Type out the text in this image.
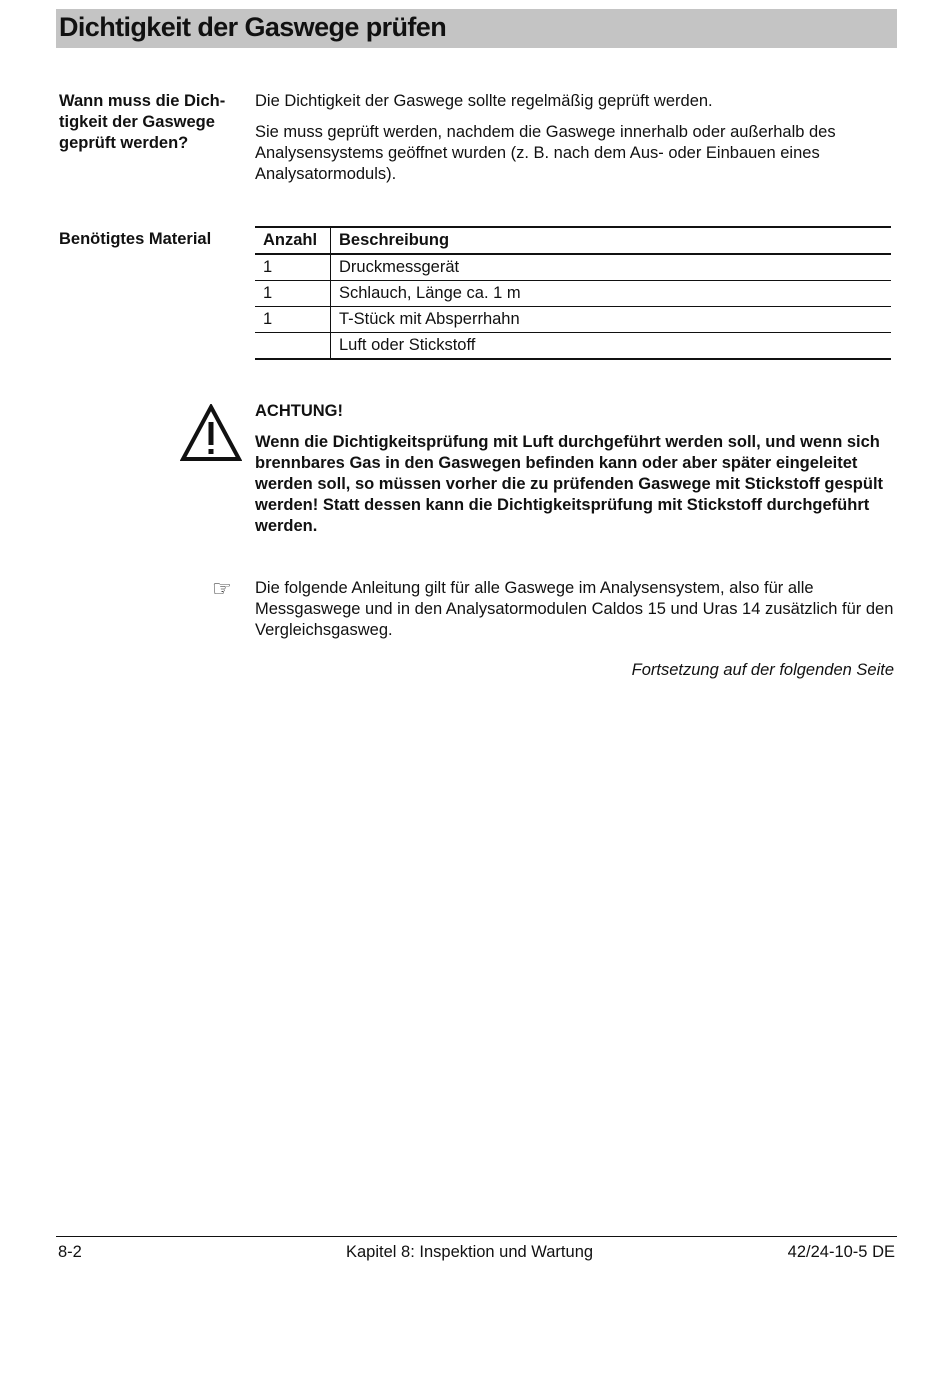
Dichtigkeit der Gaswege prüfen
Wann muss die Dich-
tigkeit der Gaswege
geprüft werden?

Die Dichtigkeit der Gaswege sollte regelmäßig geprüft werden.

Sie muss geprüft werden, nachdem die Gaswege innerhalb oder außerhalb des Analysensystems geöffnet wurden (z. B. nach dem Aus- oder Einbauen eines Analysatormoduls).

Benötigtes Material	Anzahl	Beschreibung
1	Druckmessgerät
1	Schlauch, Länge ca. 1 m
1	T-Stück mit Absperrhahn
	Luft oder Stickstoff

ACHTUNG!

Wenn die Dichtigkeitsprüfung mit Luft durchgeführt werden soll, und wenn sich brennbares Gas in den Gaswegen befinden kann oder aber später eingeleitet werden soll, so müssen vorher die zu prüfenden Gaswege mit Stickstoff gespült werden! Statt dessen kann die Dichtigkeitsprüfung mit Stickstoff durchgeführt werden.

☞ Die folgende Anleitung gilt für alle Gaswege im Analysensystem, also für alle Messgaswege und in den Analysatormodulen Caldos 15 und Uras 14 zusätzlich für den Vergleichsgasweg.

Fortsetzung auf der folgenden Seite
8-2	Kapitel 8: Inspektion und Wartung	42/24-10-5 DE
